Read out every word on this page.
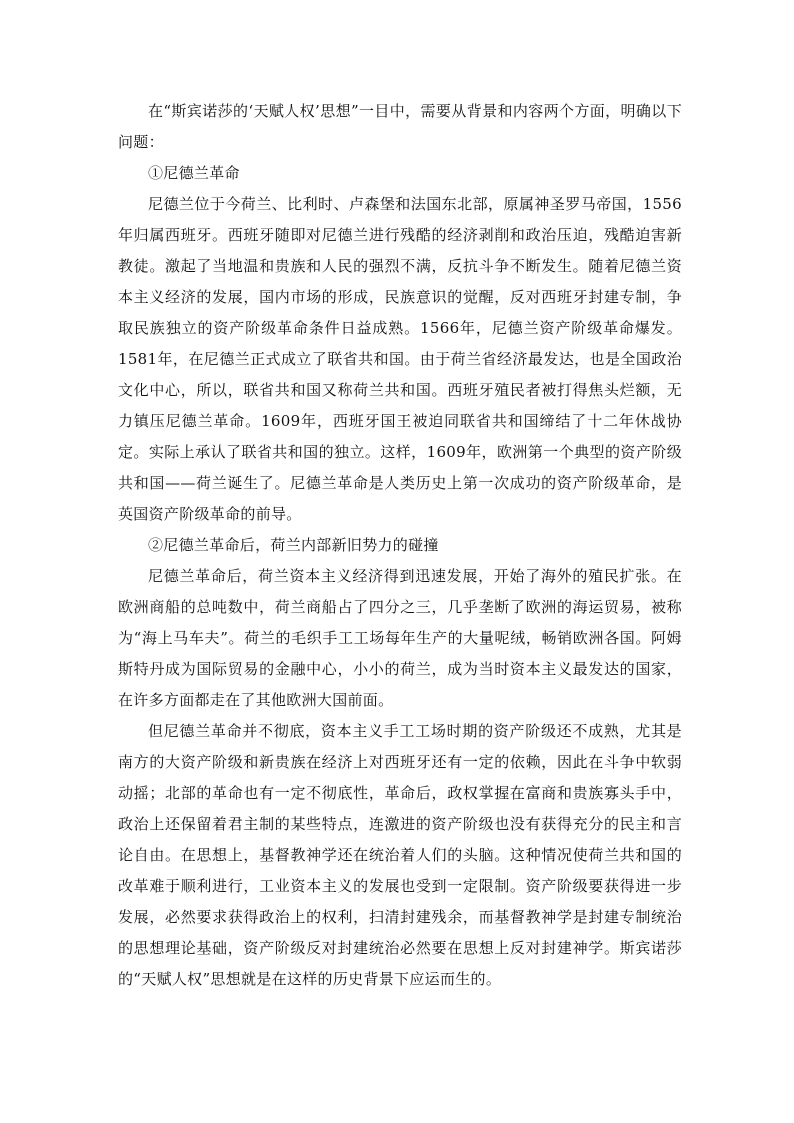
在“斯宾诺莎的‘天赋人权’思想”一目中，需要从背景和内容两个方面，明确以下问题：

①尼德兰革命

尼德兰位于今荷兰、比利时、卢森堡和法国东北部，原属神圣罗马帝国，1556年归属西班牙。西班牙随即对尼德兰进行残酷的经济剥削和政治压迫，残酷迫害新教徒。激起了当地温和贵族和人民的强烈不满，反抗斗争不断发生。随着尼德兰资本主义经济的发展，国内市场的形成，民族意识的觉醒，反对西班牙封建专制，争取民族独立的资产阶级革命条件日益成熟。1566年，尼德兰资产阶级革命爆发。1581年，在尼德兰正式成立了联省共和国。由于荷兰省经济最发达，也是全国政治文化中心，所以，联省共和国又称荷兰共和国。西班牙殖民者被打得焦头烂额，无力镇压尼德兰革命。1609年，西班牙国王被迫同联省共和国缔结了十二年休战协定。实际上承认了联省共和国的独立。这样，1609年，欧洲第一个典型的资产阶级共和国——荷兰诞生了。尼德兰革命是人类历史上第一次成功的资产阶级革命，是英国资产阶级革命的前导。

②尼德兰革命后，荷兰内部新旧势力的碰撞

尼德兰革命后，荷兰资本主义经济得到迅速发展，开始了海外的殖民扩张。在欧洲商船的总吨数中，荷兰商船占了四分之三，几乎垄断了欧洲的海运贸易，被称为“海上马车夫”。荷兰的毛织手工工场每年生产的大量呢绒，畅销欧洲各国。阿姆斯特丹成为国际贸易的金融中心，小小的荷兰，成为当时资本主义最发达的国家，在许多方面都走在了其他欧洲大国前面。

但尼德兰革命并不彻底，资本主义手工工场时期的资产阶级还不成熟，尤其是南方的大资产阶级和新贵族在经济上对西班牙还有一定的依赖，因此在斗争中软弱动摇；北部的革命也有一定不彻底性，革命后，政权掌握在富商和贵族寡头手中，政治上还保留着君主制的某些特点，连激进的资产阶级也没有获得充分的民主和言论自由。在思想上，基督教神学还在统治着人们的头脑。这种情况使荷兰共和国的改革难于顺利进行，工业资本主义的发展也受到一定限制。资产阶级要获得进一步发展，必然要求获得政治上的权利，扫清封建残余，而基督教神学是封建专制统治的思想理论基础，资产阶级反对封建统治必然要在思想上反对封建神学。斯宾诺莎的“天赋人权”思想就是在这样的历史背景下应运而生的。
